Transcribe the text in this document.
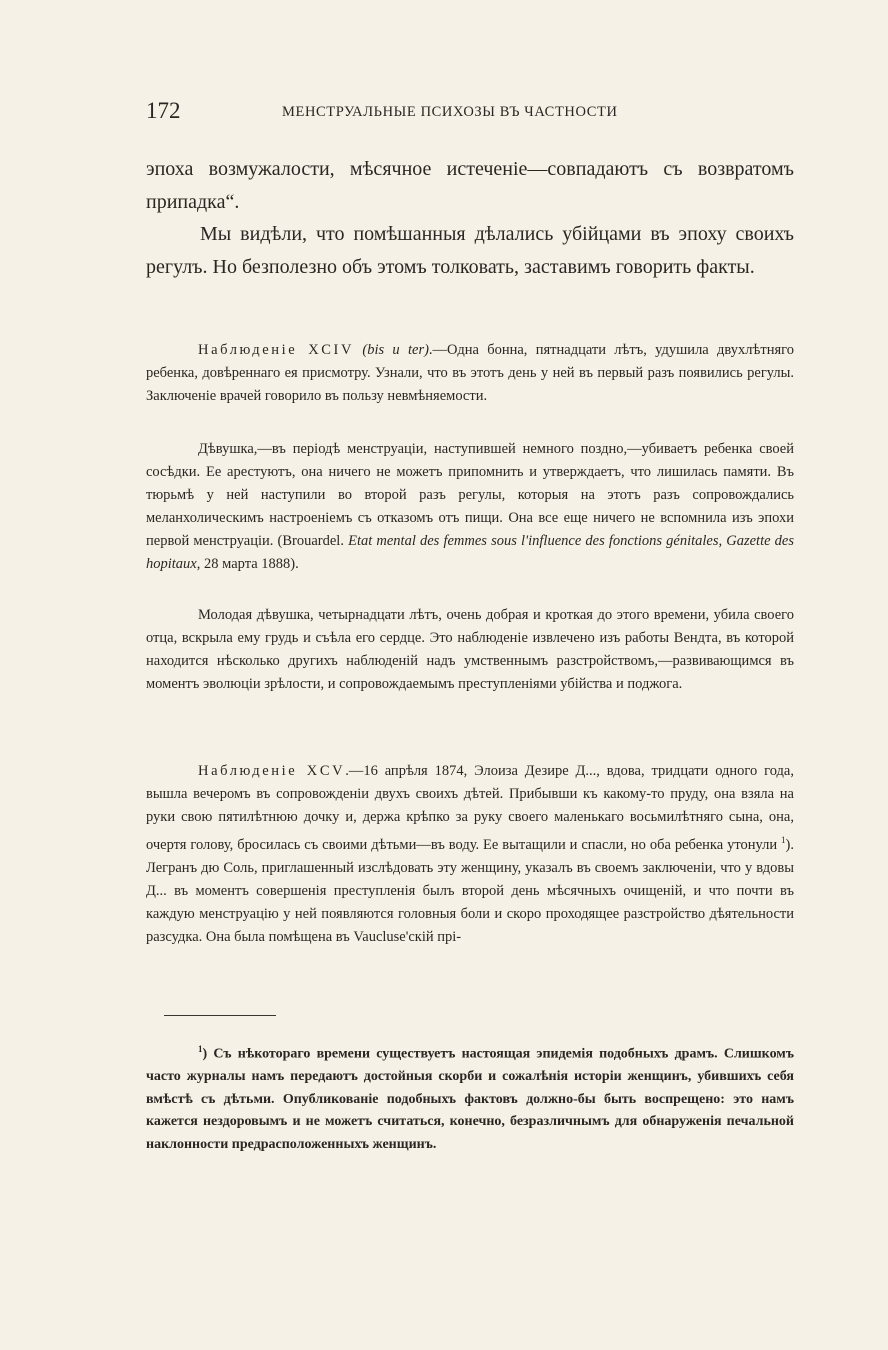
172	МЕНСТРУАЛЬНЫЕ ПСИХОЗЫ ВЪ ЧАСТНОСТИ

эпоха возмужалости, мѣсячное истеченіе—совпадаютъ съ возвратомъ припадка“.

Мы видѣли, что помѣшанныя дѣлались убійцами въ эпоху своихъ регулъ. Но безполезно объ этомъ толковать, заставимъ говорить факты.

Наблюденіе XCIV (bis и ter).—Одна бонна, пятнадцати лѣтъ, удушила двухлѣтняго ребенка, довѣреннаго ея присмотру. Узнали, что въ этотъ день у ней въ первый разъ появились регулы. Заключеніе врачей говорило въ пользу невмѣняемости.

Дѣвушка,—въ періодѣ менструаціи, наступившей немного поздно,—убиваетъ ребенка своей сосѣдки. Ее арестуютъ, она ничего не можетъ припомнить и утверждаетъ, что лишилась памяти. Въ тюрьмѣ у ней наступили во второй разъ регулы, которыя на этотъ разъ сопровождались меланхолическимъ настроеніемъ съ отказомъ отъ пищи. Она все еще ничего не вспомнила изъ эпохи первой менструаціи. (Brouardel. Etat mental des femmes sous l'influence des fonctions génitales, Gazette des hopitaux, 28 марта 1888).

Молодая дѣвушка, четырнадцати лѣтъ, очень добрая и кроткая до этого времени, убила своего отца, вскрыла ему грудь и съѣла его сердце. Это наблюденіе извлечено изъ работы Вендта, въ которой находится нѣсколько другихъ наблюденій надъ умственнымъ разстройствомъ,—развивающимся въ моментъ эволюціи зрѣлости, и сопровождаемымъ преступленіями убійства и поджога.

Наблюденіе XCV.—16 апрѣля 1874, Элоиза Дезире Д..., вдова, тридцати одного года, вышла вечеромъ въ сопровожденіи двухъ своихъ дѣтей. Прибывши къ какому-то пруду, она взяла на руки свою пятилѣтнюю дочку и, держа крѣпко за руку своего маленькаго восьмилѣтняго сына, она, очертя голову, бросилась съ своими дѣтьми—въ воду. Ее вытащили и спасли, но оба ребенка утонули $^1$). Легранъ дю Соль, приглашенный изслѣдовать эту женщину, указалъ въ своемъ заключеніи, что у вдовы Д... въ моментъ совершенія преступленія былъ второй день мѣсячныхъ очищеній, и что почти въ каждую менструацію у ней появляются головныя боли и скоро проходящее разстройство дѣятельности разсудка. Она была помѣщена въ Vaucluse'скій прі-

$^1$) Съ нѣкотораго времени существуетъ настоящая эпидемія подобныхъ драмъ. Слишкомъ часто журналы намъ передаютъ достойныя скорби и сожалѣнія исторіи женщинъ, убившихъ себя вмѣстѣ съ дѣтьми. Опубликованіе подобныхъ фактовъ должно-бы быть воспрещено: это намъ кажется нездоровымъ и не можетъ считаться, конечно, безразличнымъ для обнаруженія печальной наклонности предрасположенныхъ женщинъ.
